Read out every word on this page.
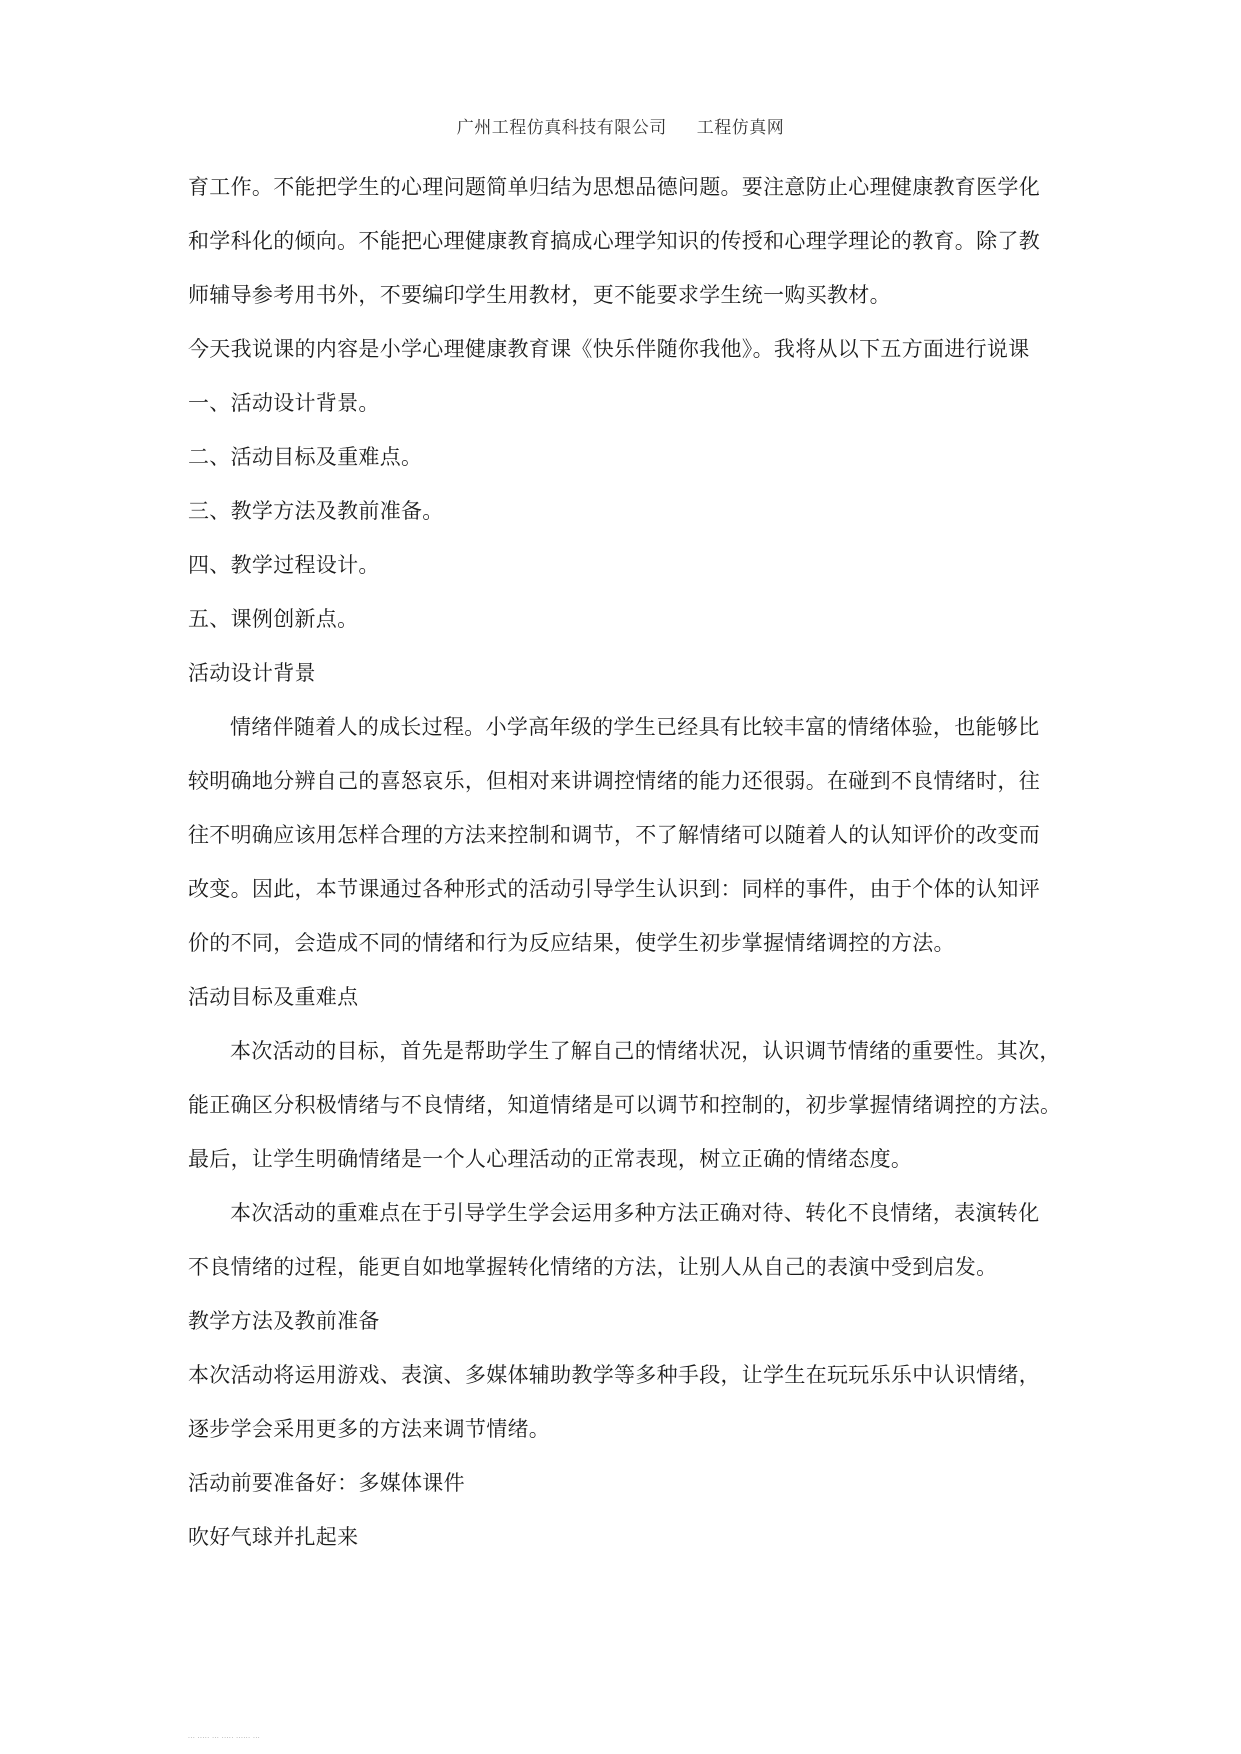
广州工程仿真科技有限公司 工程仿真网
育工作。不能把学生的心理问题简单归结为思想品德问题。要注意防止心理健康教育医学化
和学科化的倾向。不能把心理健康教育搞成心理学知识的传授和心理学理论的教育。除了教
师辅导参考用书外，不要编印学生用教材，更不能要求学生统一购买教材。
今天我说课的内容是小学心理健康教育课《快乐伴随你我他》。我将从以下五方面进行说课
一、活动设计背景。
二、活动目标及重难点。
三、教学方法及教前准备。
四、教学过程设计。
五、课例创新点。
活动设计背景
情绪伴随着人的成长过程。小学高年级的学生已经具有比较丰富的情绪体验，也能够比
较明确地分辨自己的喜怒哀乐，但相对来讲调控情绪的能力还很弱。在碰到不良情绪时，往
往不明确应该用怎样合理的方法来控制和调节，不了解情绪可以随着人的认知评价的改变而
改变。因此，本节课通过各种形式的活动引导学生认识到：同样的事件，由于个体的认知评
价的不同，会造成不同的情绪和行为反应结果，使学生初步掌握情绪调控的方法。
活动目标及重难点
本次活动的目标，首先是帮助学生了解自己的情绪状况，认识调节情绪的重要性。其次，
能正确区分积极情绪与不良情绪，知道情绪是可以调节和控制的，初步掌握情绪调控的方法。
最后，让学生明确情绪是一个人心理活动的正常表现，树立正确的情绪态度。
本次活动的重难点在于引导学生学会运用多种方法正确对待、转化不良情绪，表演转化
不良情绪的过程，能更自如地掌握转化情绪的方法，让别人从自己的表演中受到启发。
教学方法及教前准备
本次活动将运用游戏、表演、多媒体辅助教学等多种手段，让学生在玩玩乐乐中认识情绪，
逐步学会采用更多的方法来调节情绪。
活动前要准备好：多媒体课件
吹好气球并扎起来
... ..... ... ..... ...... ...
